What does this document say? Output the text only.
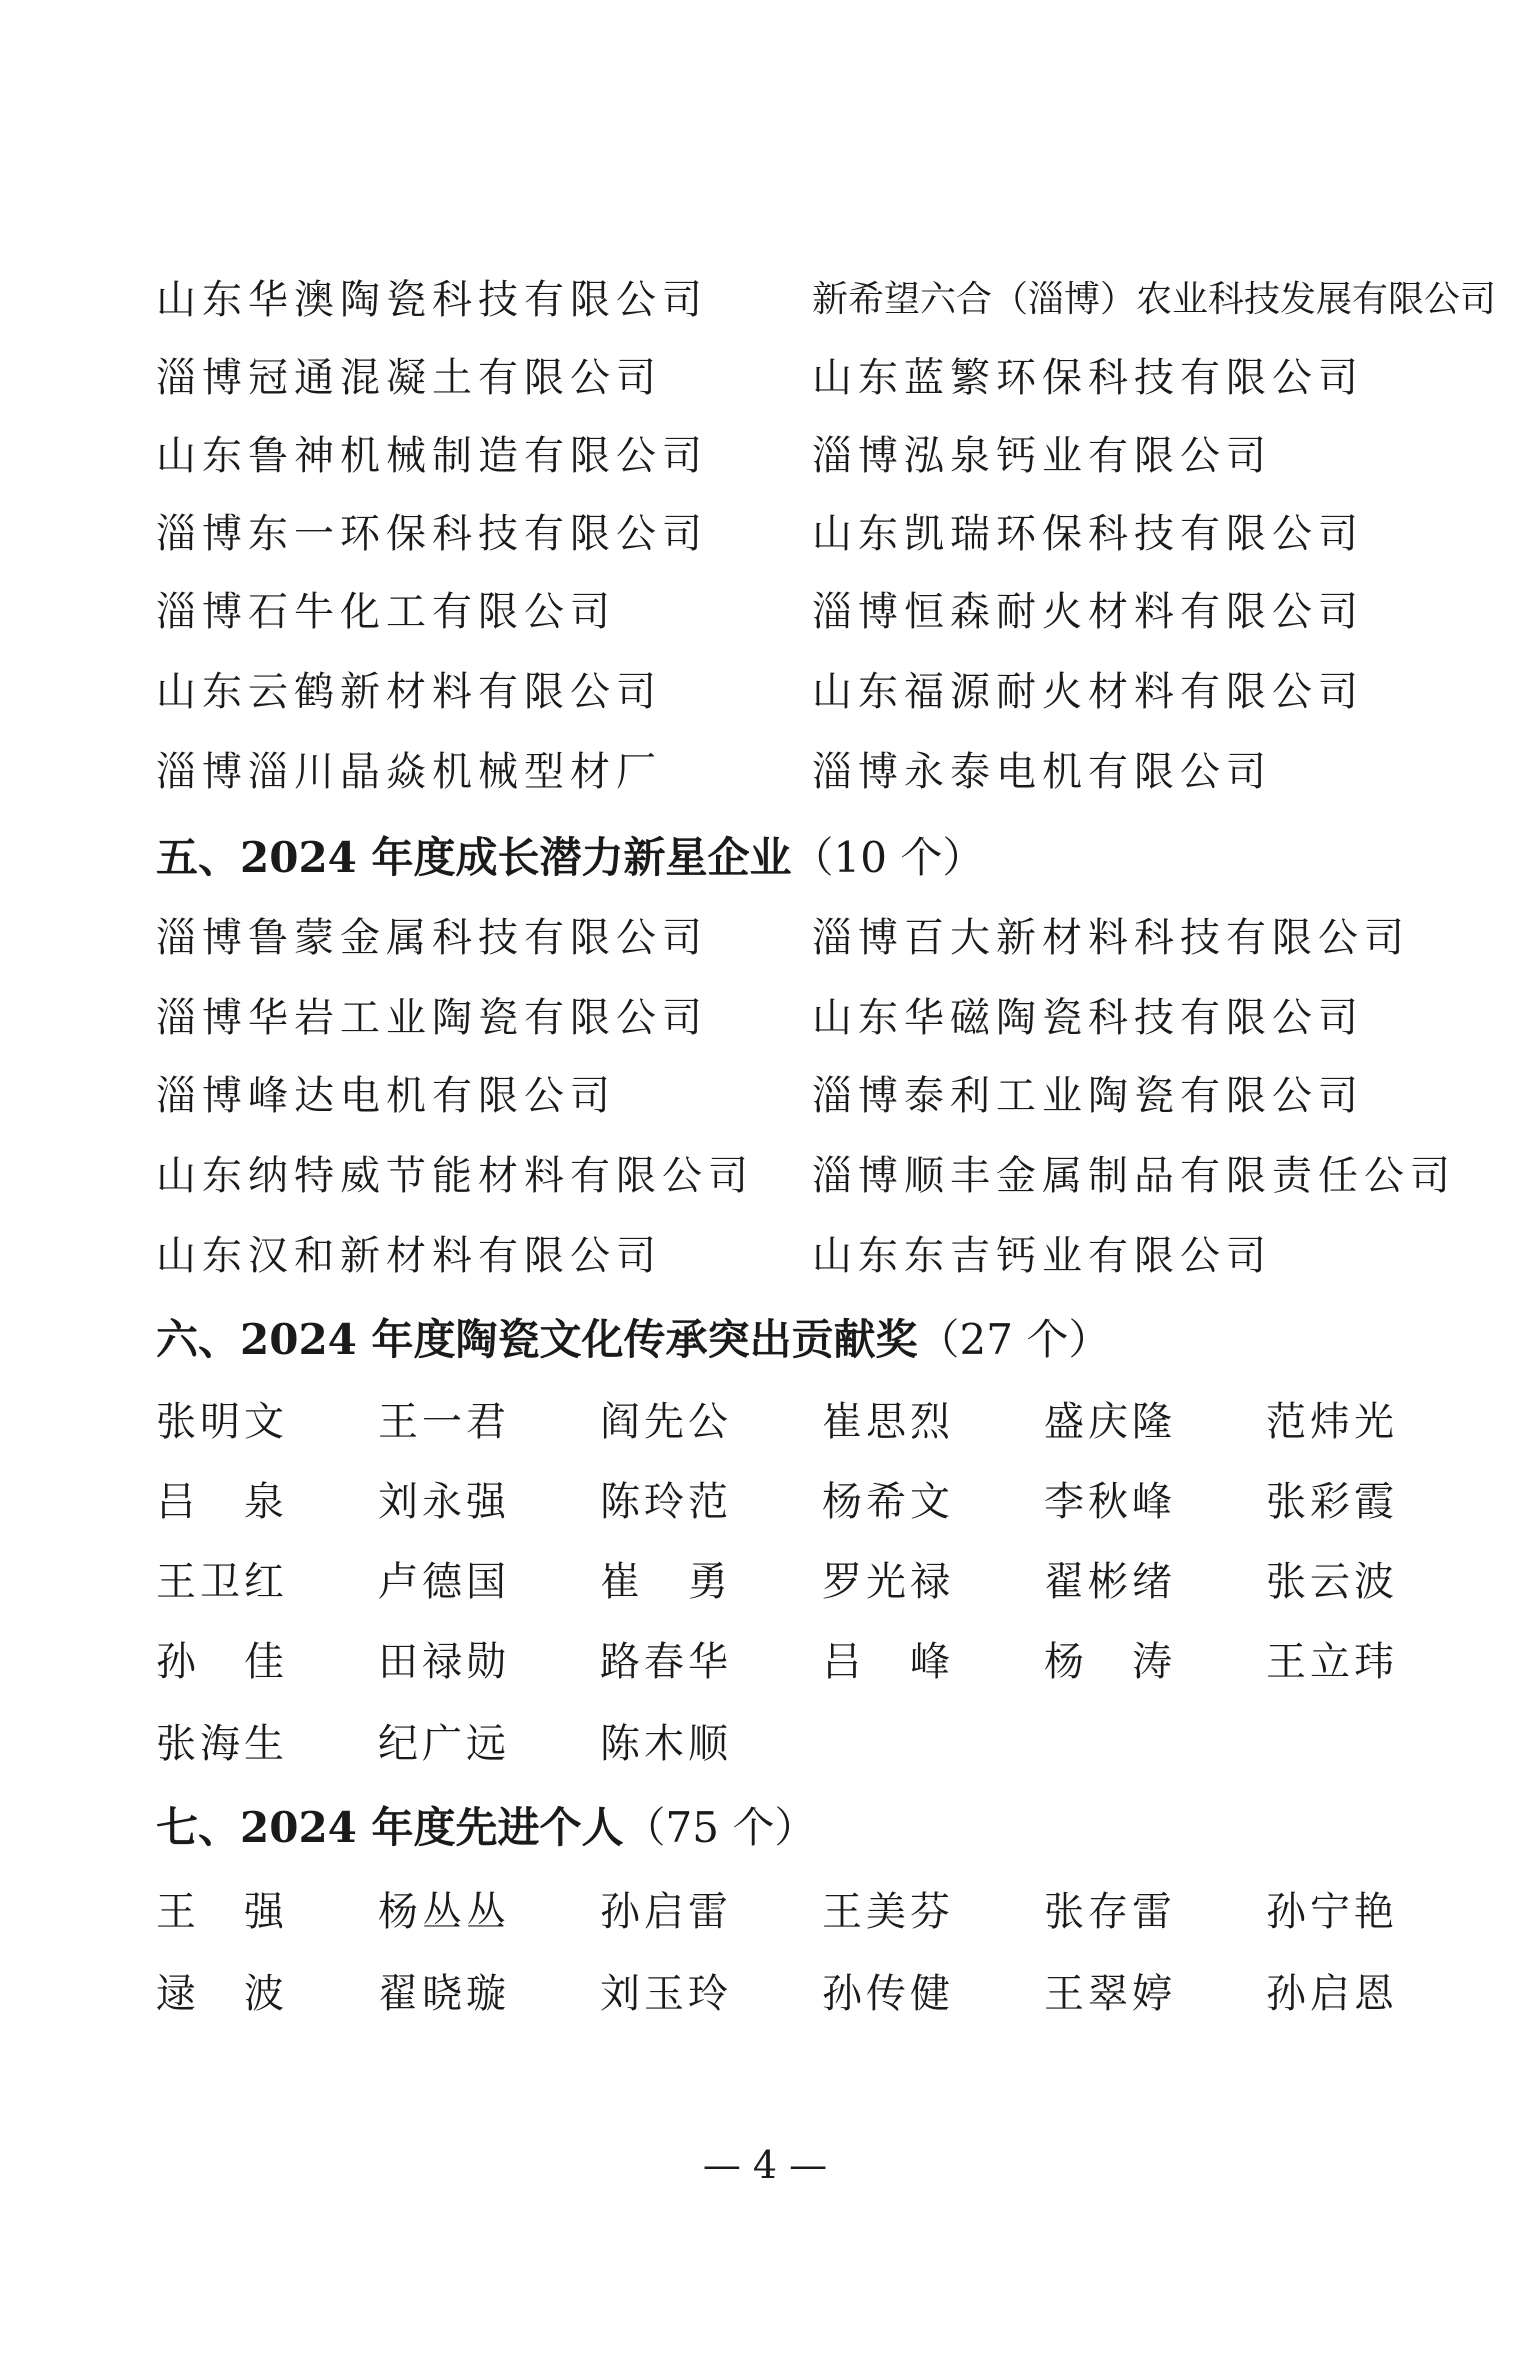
山东华澳陶瓷科技有限公司	新希望六合（淄博）农业科技发展有限公司
淄博冠通混凝土有限公司	山东蓝繁环保科技有限公司
山东鲁神机械制造有限公司	淄博泓泉钙业有限公司
淄博东一环保科技有限公司	山东凯瑞环保科技有限公司
淄博石牛化工有限公司	淄博恒森耐火材料有限公司
山东云鹤新材料有限公司	山东福源耐火材料有限公司
淄博淄川晶焱机械型材厂	淄博永泰电机有限公司
五、2024 年度成长潜力新星企业（10 个）
淄博鲁蒙金属科技有限公司	淄博百大新材料科技有限公司
淄博华岩工业陶瓷有限公司	山东华磁陶瓷科技有限公司
淄博峰达电机有限公司	淄博泰利工业陶瓷有限公司
山东纳特威节能材料有限公司 淄博顺丰金属制品有限责任公司
山东汉和新材料有限公司	山东东吉钙业有限公司
六、2024 年度陶瓷文化传承突出贡献奖（27 个）
张明文 王一君 阎先公 崔思烈 盛庆隆 范炜光
吕　泉 刘永强 陈玲范 杨希文 李秋峰 张彩霞
王卫红 卢德国 崔　勇 罗光禄 翟彬绪 张云波
孙　佳 田禄勋 路春华 吕　峰 杨　涛 王立玮
张海生 纪广远 陈木顺
七、2024 年度先进个人（75 个）
王　强 杨丛丛 孙启雷 王美芬 张存雷 孙宁艳
逯　波 翟晓璇 刘玉玲 孙传健 王翠婷 孙启恩
— 4 —
